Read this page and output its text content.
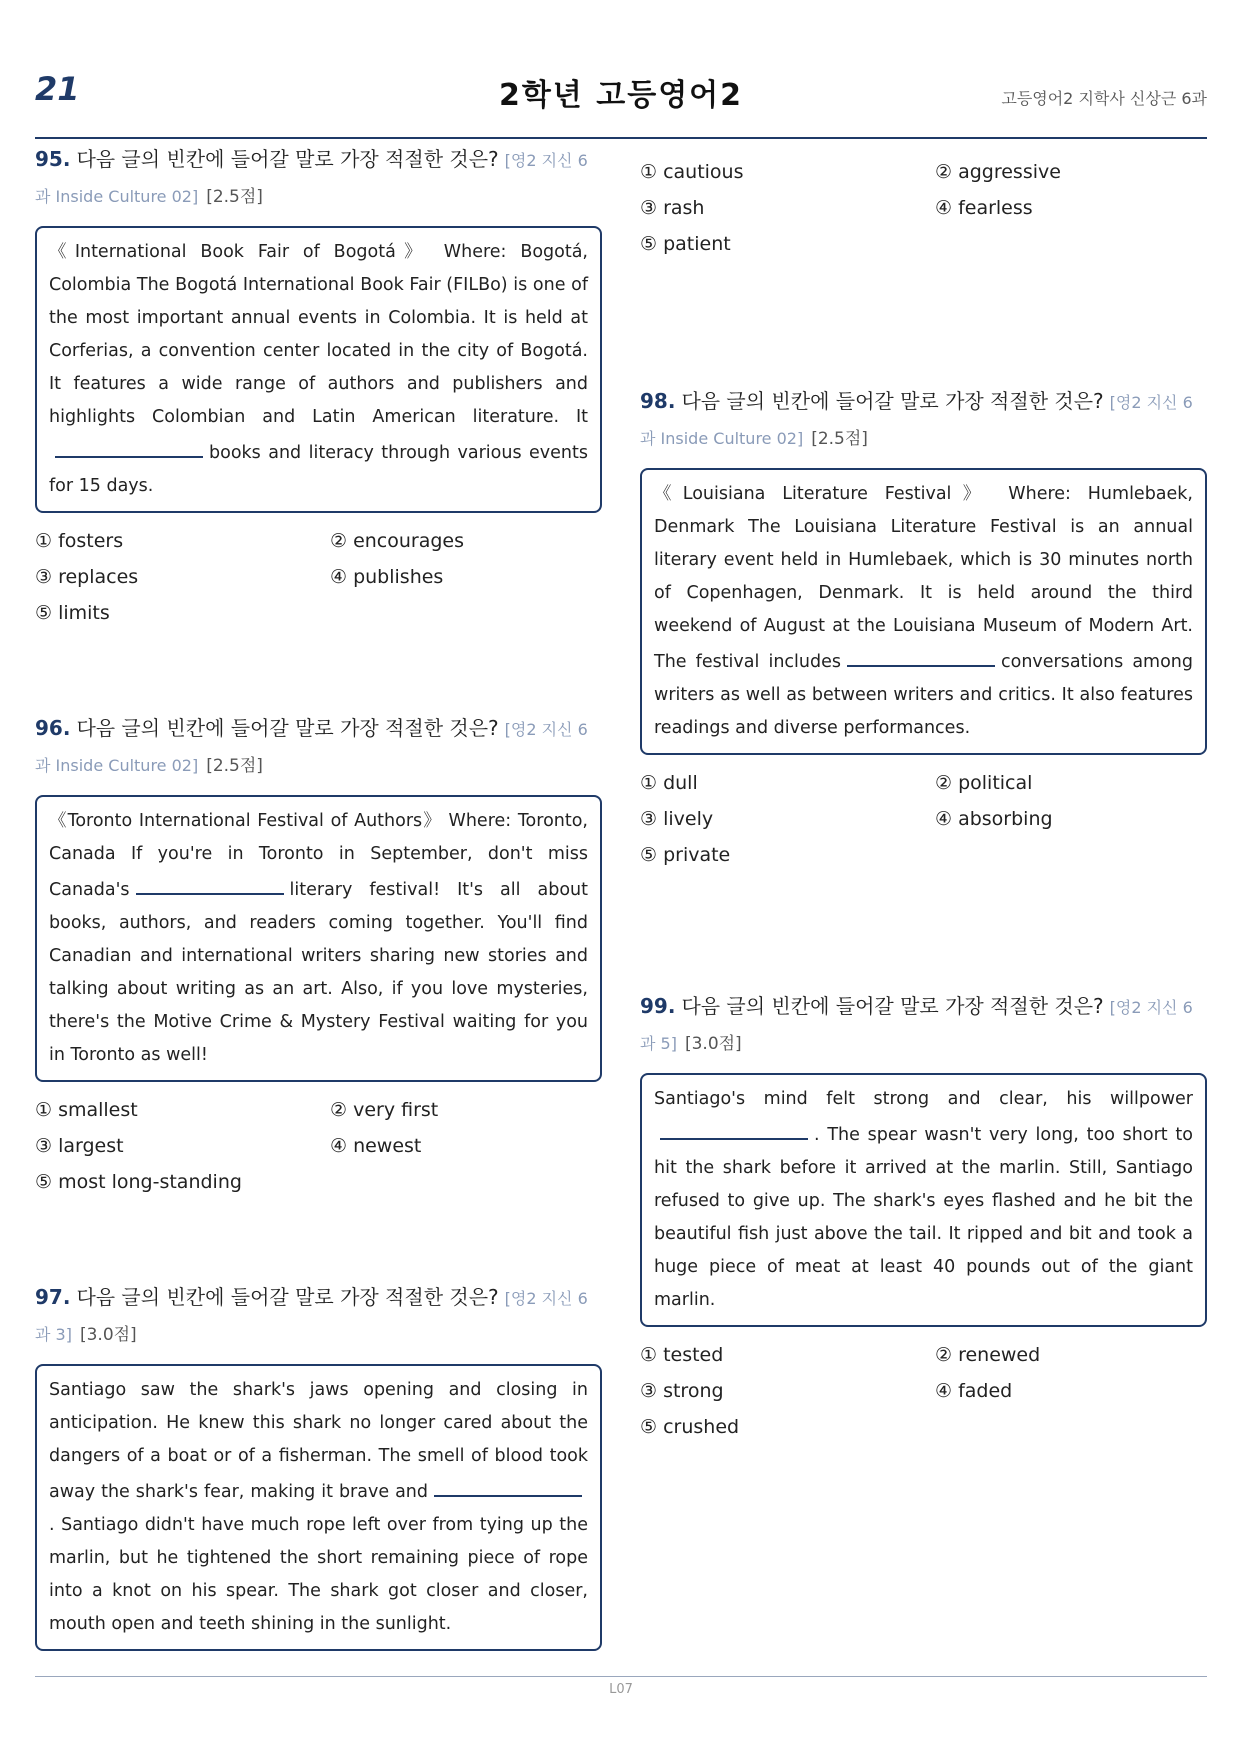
21	2학년 고등영어2	고등영어2 지학사 신상근 6과
95. 다음 글의 빈칸에 들어갈 말로 가장 적절한 것은? [영2 지신 6과 Inside Culture 02] [2.5점]
《International Book Fair of Bogotá》 Where: Bogotá, Colombia The Bogotá International Book Fair (FILBo) is one of the most important annual events in Colombia. It is held at Corferias, a convention center located in the city of Bogotá. It features a wide range of authors and publishers and highlights Colombian and Latin American literature. Itbooks and literacy through various events for 15 days.
① fosters	② encourages
③ replaces	④ publishes
⑤ limits
96. 다음 글의 빈칸에 들어갈 말로 가장 적절한 것은? [영2 지신 6과 Inside Culture 02] [2.5점]
《Toronto International Festival of Authors》 Where: Toronto, Canada If you're in Toronto in September, don't miss Canada's	literary festival! It's all about books, authors, and readers coming together. You'll find Canadian and international writers sharing new stories and talking about writing as an art. Also, if you love mysteries, there's the Motive Crime & Mystery Festival waiting for you in Toronto as well!
① smallest	② very first
③ largest	④ newest
⑤ most long-standing
97. 다음 글의 빈칸에 들어갈 말로 가장 적절한 것은? [영2 지신 6과 3] [3.0점]
Santiago saw the shark's jaws opening and closing in anticipation. He knew this shark no longer cared about the dangers of a boat or of a fisherman. The smell of blood took away the shark's fear, making it brave and. Santiago didn't have much rope left over from tying up the marlin, but he tightened the short remaining piece of rope into a knot on his spear. The shark got closer and closer, mouth open and teeth shining in the sunlight.
① cautious	② aggressive
③ rash	④ fearless
⑤ patient
98. 다음 글의 빈칸에 들어갈 말로 가장 적절한 것은? [영2 지신 6과 Inside Culture 02] [2.5점]
《Louisiana Literature Festival》 Where: Humlebaek, Denmark The Louisiana Literature Festival is an annual literary event held in Humlebaek, which is 30 minutes north of Copenhagen, Denmark. It is held around the third weekend of August at the Louisiana Museum of Modern Art. The festival includes	conversations among writers as well as between writers and critics. It also features readings and diverse performances.
① dull	② political
③ lively	④ absorbing
⑤ private
99. 다음 글의 빈칸에 들어갈 말로 가장 적절한 것은? [영2 지신 6과 5] [3.0점]
Santiago's mind felt strong and clear, his willpower. The spear wasn't very long, too short to hit the shark before it arrived at the marlin. Still, Santiago refused to give up. The shark's eyes flashed and he bit the beautiful fish just above the tail. It ripped and bit and took a huge piece of meat at least 40 pounds out of the giant marlin.
① tested	② renewed
③ strong	④ faded
⑤ crushed
L07
